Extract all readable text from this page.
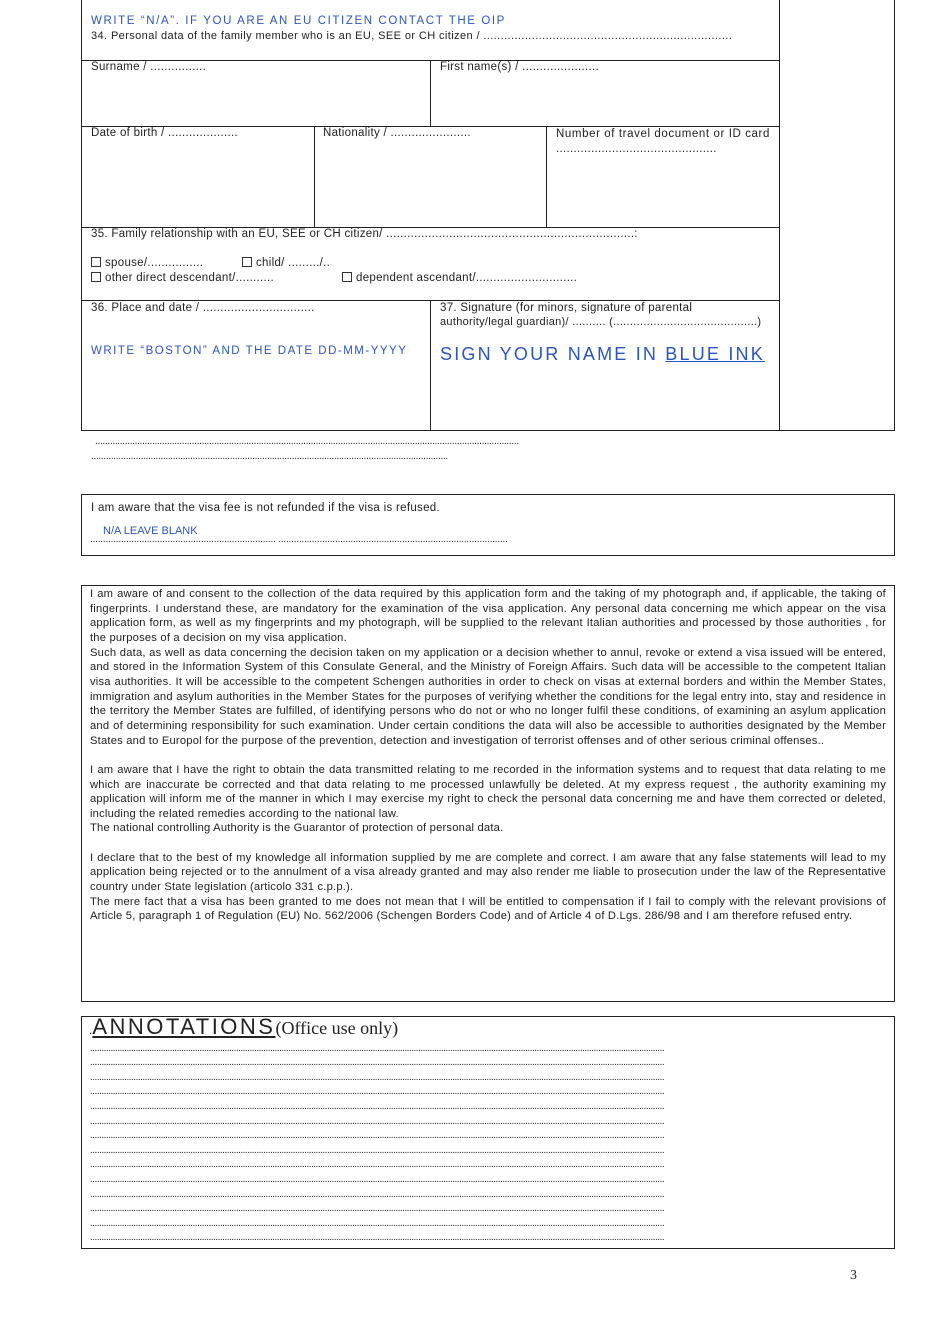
WRITE “N/A”. IF YOU ARE AN EU CITIZEN CONTACT THE OIP
34. Personal data of the family member who is an EU, SEE or CH citizen / ........................................................................
Surname / ................	First name(s) / ......................
Date of birth / ....................	Nationality / .......................	Number of travel document or ID card
..............................................
35. Family relationship with an EU, SEE or CH citizen/ .......................................................................:
spouse/................	child/ ........./..
other direct descendant/...........	dependent ascendant/.............................
36. Place and date / ................................
WRITE “BOSTON” AND THE DATE DD-MM-YYYY
37. Signature (for minors, signature of parental
authority/legal guardian)/ .......... (...........................................)
SIGN YOUR NAME IN BLUE INK
...........................................................................................................................................................................
................................................................................................................................................
I am aware that the visa fee is not refunded if the visa is refused.
N/A LEAVE BLANK
........................................................................ .........................................................................................

I am aware of and consent to the collection of the data required by this application form and the taking of my photograph and, if applicable, the taking of fingerprints. I understand these, are mandatory for the examination of the visa application. Any personal data concerning me which appear on the visa application form, as well as my fingerprints and my photograph, will be supplied to the relevant Italian authorities and processed by those authorities , for the purposes of a decision on my visa application.

Such data, as well as data concerning the decision taken on my application or a decision whether to annul, revoke or extend a visa issued will be entered, and stored in the Information System of this Consulate General, and the Ministry of Foreign Affairs. Such data will be accessible to the competent Italian visa authorities. It will be accessible to the competent Schengen authorities in order to check on visas at external borders and within the Member States, immigration and asylum authorities in the Member States for the purposes of verifying whether the conditions for the legal entry into, stay and residence in the territory the Member States are fulfilled, of identifying persons who do not or who no longer fulfil these conditions, of examining an asylum application and of determining responsibility for such examination. Under certain conditions the data will also be accessible to authorities designated by the Member States and to Europol for the purpose of the prevention, detection and investigation of terrorist offenses and of other serious criminal offenses..

I am aware that I have the right to obtain the data transmitted relating to me recorded in the information systems and to request that data relating to me which are inaccurate be corrected and that data relating to me processed unlawfully be deleted. At my express request , the authority examining my application will inform me of the manner in which I may exercise my right to check the personal data concerning me and have them corrected or deleted, including the related remedies according to the national law.

The national controlling Authority is the Guarantor of protection of personal data.

I declare that to the best of my knowledge all information supplied by me are complete and correct. I am aware that any false statements will lead to my application being rejected or to the annulment of a visa already granted and may also render me liable to prosecution under the law of the Representative country under State legislation (articolo 331 c.p.p.).

The mere fact that a visa has been granted to me does not mean that I will be entitled to compensation if I fail to comply with the relevant provisions of Article 5, paragraph 1 of Regulation (EU) No. 562/2006 (Schengen Borders Code) and of Article 4 of D.Lgs. 286/98 and I am therefore refused entry.

.ANNOTATIONS(Office use only)
............................................................................................................................................................................................................................................................
............................................................................................................................................................................................................................................................
............................................................................................................................................................................................................................................................
............................................................................................................................................................................................................................................................
............................................................................................................................................................................................................................................................
............................................................................................................................................................................................................................................................
............................................................................................................................................................................................................................................................
............................................................................................................................................................................................................................................................
............................................................................................................................................................................................................................................................
............................................................................................................................................................................................................................................................
............................................................................................................................................................................................................................................................
............................................................................................................................................................................................................................................................
............................................................................................................................................................................................................................................................
............................................................................................................................................................................................................................................................
3
